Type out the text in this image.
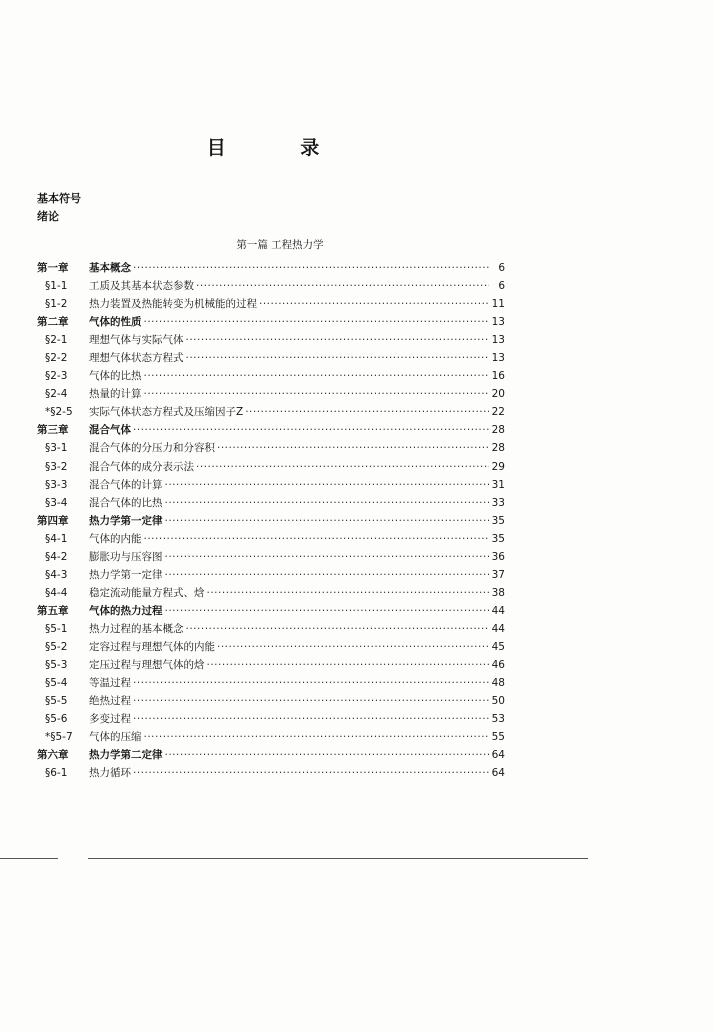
目 录
基本符号
绪论
第一篇 工程热力学
第一章	基本概念 ·····	6
§1-1	工质及其基本状态参数 ·····	6
§1-2	热力装置及热能转变为机械能的过程 ·····	11
第二章	气体的性质 ·····	13
§2-1	理想气体与实际气体 ·····	13
§2-2	理想气体状态方程式 ·····	13
§2-3	气体的比热 ·····	16
§2-4	热量的计算 ·····	20
*§2-5	实际气体状态方程式及压缩因子Z ·····	22
第三章	混合气体 ·····	28
§3-1	混合气体的分压力和分容积 ·····	28
§3-2	混合气体的成分表示法 ·····	29
§3-3	混合气体的计算 ·····	31
§3-4	混合气体的比热 ·····	33
第四章	热力学第一定律 ·····	35
§4-1	气体的内能 ·····	35
§4-2	膨胀功与压容图 ·····	36
§4-3	热力学第一定律 ·····	37
§4-4	稳定流动能量方程式、焓 ·····	38
第五章	气体的热力过程 ·····	44
§5-1	热力过程的基本概念 ·····	44
§5-2	定容过程与理想气体的内能 ·····	45
§5-3	定压过程与理想气体的焓 ·····	46
§5-4	等温过程 ·····	48
§5-5	绝热过程 ·····	50
§5-6	多变过程 ·····	53
*§5-7	气体的压缩 ·····	55
第六章	热力学第二定律 ·····	64
§6-1	热力循环 ·····	64
